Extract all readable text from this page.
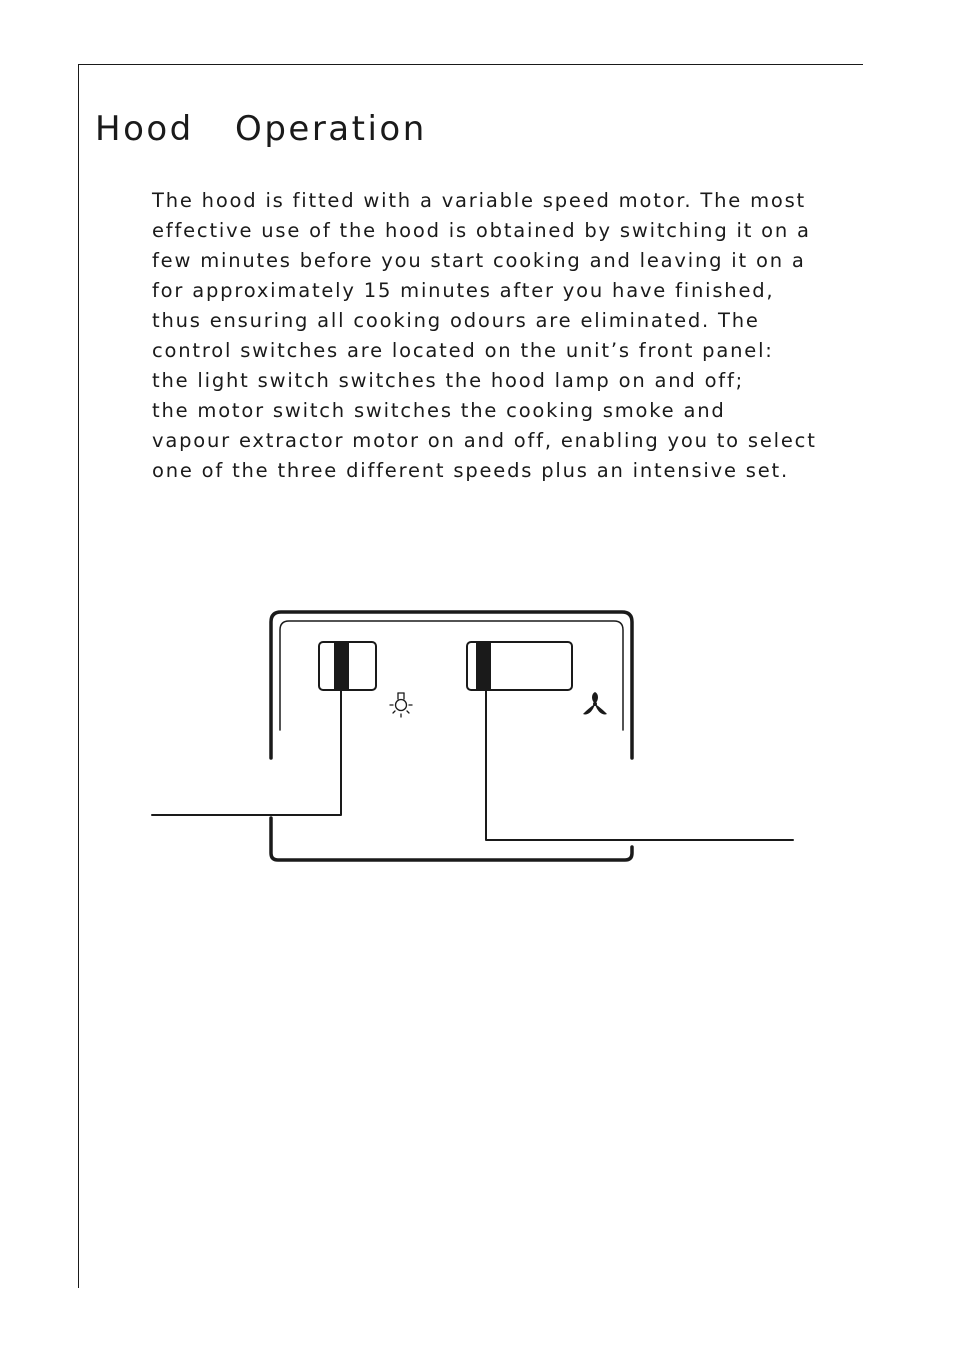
Hood Operation
The hood is fitted with a variable speed motor. The most
effective use of the hood is obtained by switching it on a
few minutes before you start cooking and leaving it on a
for approximately 15 minutes after you have finished,
thus ensuring all cooking odours are eliminated. The
control switches are located on the unit’s front panel:
the light switch switches the hood lamp on and off;
the motor switch switches the cooking smoke and
vapour extractor motor on and off, enabling you to select
one of the three different speeds plus an intensive set.
